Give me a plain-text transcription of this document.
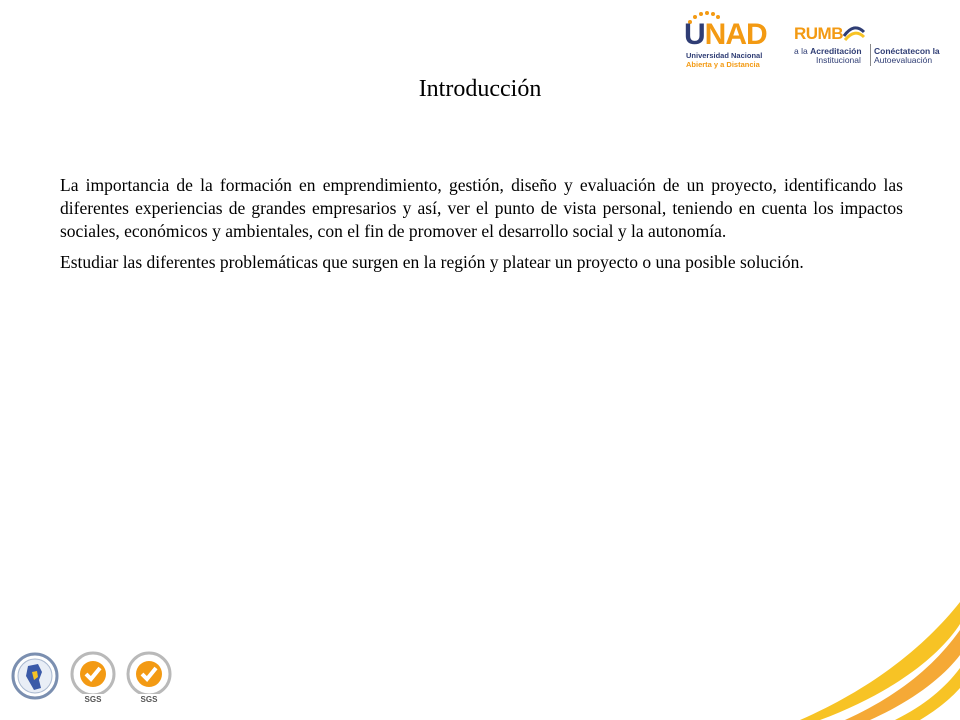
UNAD
Universidad Nacional
Abierta y a Distancia
RUMB
a la Acreditación
Institucional
Conéctatecon la
Autoevaluación
Introducción

La importancia de la formación en emprendimiento, gestión, diseño y evaluación de un proyecto, identificando las diferentes experiencias de grandes empresarios y así, ver el punto de vista personal, teniendo en cuenta los impactos sociales, económicos y ambientales, con el fin de promover el desarrollo social y la autonomía.

Estudiar las diferentes problemáticas que surgen en la región y platear un proyecto o una posible solución.

SGS	SGS
